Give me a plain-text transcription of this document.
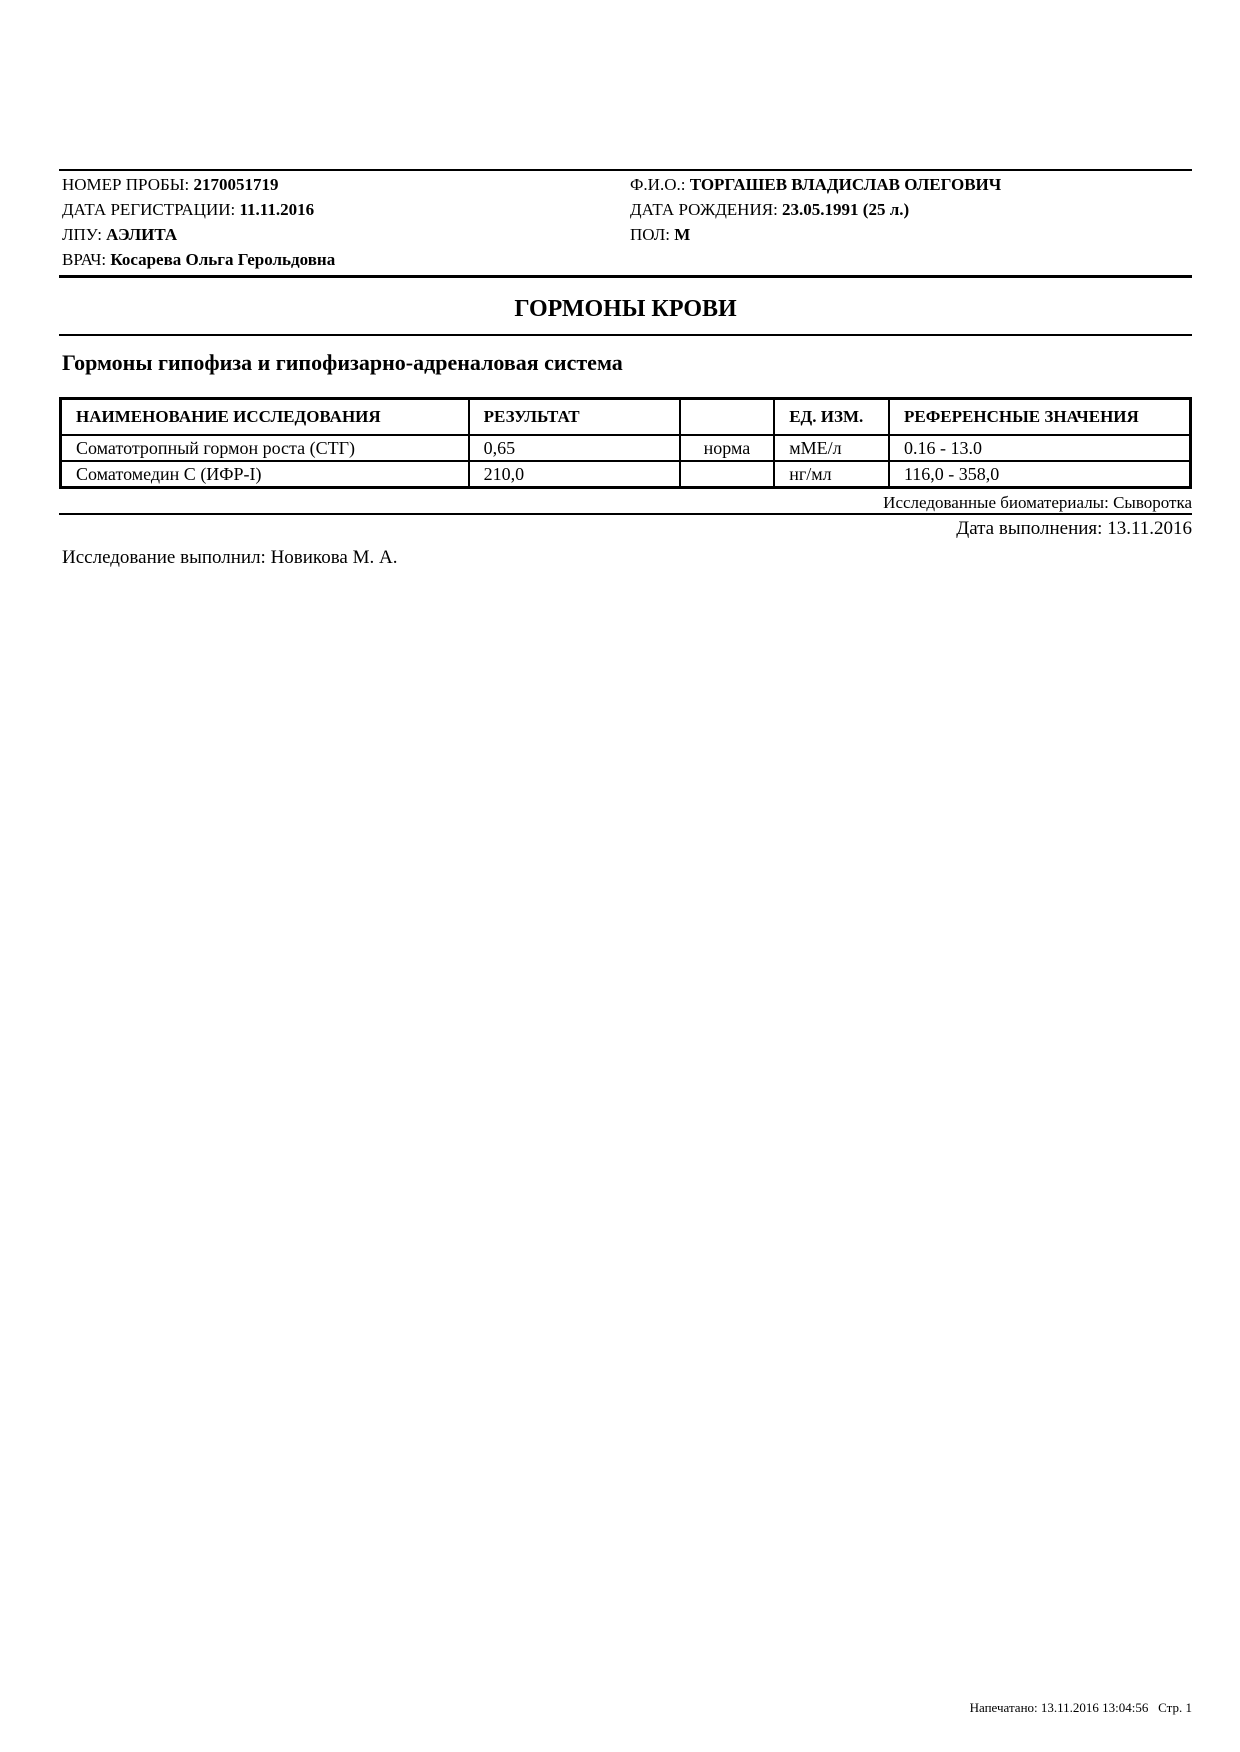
НОМЕР ПРОБЫ: 2170051719
ДАТА РЕГИСТРАЦИИ: 11.11.2016
ЛПУ: АЭЛИТА
ВРАЧ: Косарева Ольга Герольдовна
Ф.И.О.: ТОРГАШЕВ ВЛАДИСЛАВ ОЛЕГОВИЧ
ДАТА РОЖДЕНИЯ: 23.05.1991 (25 л.)
ПОЛ: М
ГОРМОНЫ КРОВИ
Гормоны гипофиза и гипофизарно-адреналовая система
НАИМЕНОВАНИЕ ИССЛЕДОВАНИЯ	РЕЗУЛЬТАТ		ЕД. ИЗМ.	РЕФЕРЕНСНЫЕ ЗНАЧЕНИЯ
Соматотропный гормон роста (СТГ)	0,65	норма	мМЕ/л	0.16 - 13.0
Соматомедин С (ИФР-I)	210,0		нг/мл	116,0 - 358,0
Исследованные биоматериалы: Сыворотка
Дата выполнения: 13.11.2016
Исследование выполнил: Новикова М. А.
Напечатано: 13.11.2016 13:04:56 Стр. 1
